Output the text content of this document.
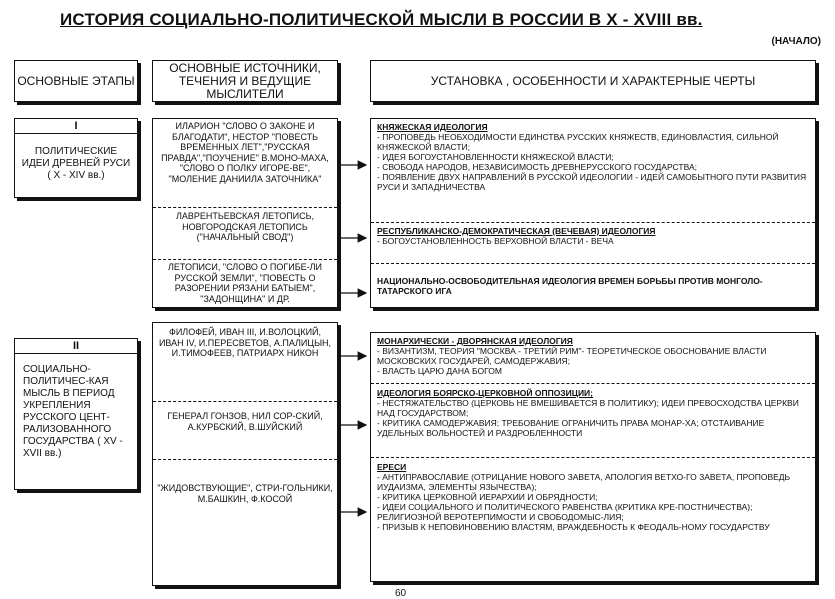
ИСТОРИЯ СОЦИАЛЬНО-ПОЛИТИЧЕСКОЙ МЫСЛИ В РОССИИ В X - XVIII вв.
(НАЧАЛО)
ОСНОВНЫЕ ЭТАПЫ
ОСНОВНЫЕ ИСТОЧНИКИ, ТЕЧЕНИЯ И ВЕДУЩИЕ МЫСЛИТЕЛИ
УСТАНОВКА , ОСОБЕННОСТИ И ХАРАКТЕРНЫЕ ЧЕРТЫ
I
ПОЛИТИЧЕСКИЕ ИДЕИ ДРЕВНЕЙ РУСИ ( X - XIV вв.)
II
СОЦИАЛЬНО-ПОЛИТИЧЕС-КАЯ МЫСЛЬ В ПЕРИОД УКРЕПЛЕНИЯ РУССКОГО ЦЕНТ-РАЛИЗОВАННОГО ГОСУДАРСТВА ( XV - XVII вв.)
ИЛАРИОН "СЛОВО О ЗАКОНЕ И БЛАГОДАТИ", НЕСТОР "ПОВЕСТЬ ВРЕМЕННЫХ ЛЕТ","РУССКАЯ ПРАВДА","ПОУЧЕНИЕ" В.МОНО-МАХА, "СЛОВО О ПОЛКУ ИГОРЕ-ВЕ", "МОЛЕНИЕ ДАНИИЛА ЗАТОЧНИКА"
ЛАВРЕНТЬЕВСКАЯ ЛЕТОПИСЬ, НОВГОРОДСКАЯ ЛЕТОПИСЬ ("НАЧАЛЬНЫЙ СВОД")
ЛЕТОПИСИ, "СЛОВО О ПОГИБЕ-ЛИ РУССКОЙ ЗЕМЛИ", "ПОВЕСТЬ О РАЗОРЕНИИ РЯЗАНИ БАТЫЕМ", "ЗАДОНЩИНА" И ДР.
ФИЛОФЕЙ, ИВАН III, И.ВОЛОЦКИЙ, ИВАН IV, И.ПЕРЕСВЕТОВ, А.ПАЛИЦЫН, И.ТИМОФЕЕВ, ПАТРИАРХ НИКОН
ГЕНЕРАЛ ГОНЗОВ, НИЛ СОР-СКИЙ, А.КУРБСКИЙ, В.ШУЙСКИЙ
"ЖИДОВСТВУЮЩИЕ", СТРИ-ГОЛЬНИКИ, М.БАШКИН, Ф.КОСОЙ
КНЯЖЕСКАЯ ИДЕОЛОГИЯ
- ПРОПОВЕДЬ НЕОБХОДИМОСТИ ЕДИНСТВА РУССКИХ КНЯЖЕСТВ, ЕДИНОВЛАСТИЯ, СИЛЬНОЙ КНЯЖЕСКОЙ ВЛАСТИ;
- ИДЕЯ БОГОУСТАНОВЛЕННОСТИ КНЯЖЕСКОЙ ВЛАСТИ;
- СВОБОДА НАРОДОВ, НЕЗАВИСИМОСТЬ ДРЕВНЕРУССКОГО ГОСУДАРСТВА;
- ПОЯВЛЕНИЕ ДВУХ НАПРАВЛЕНИЙ В РУССКОЙ ИДЕОЛОГИИ - ИДЕЙ САМОБЫТНОГО ПУТИ РАЗВИТИЯ РУСИ И ЗАПАДНИЧЕСТВА
РЕСПУБЛИКАНСКО-ДЕМОКРАТИЧЕСКАЯ (ВЕЧЕВАЯ) ИДЕОЛОГИЯ
- БОГОУСТАНОВЛЕННОСТЬ ВЕРХОВНОЙ ВЛАСТИ - ВЕЧА
НАЦИОНАЛЬНО-ОСВОБОДИТЕЛЬНАЯ ИДЕОЛОГИЯ ВРЕМЕН БОРЬБЫ ПРОТИВ МОНГОЛО-ТАТАРСКОГО ИГА
МОНАРХИЧЕСКИ - ДВОРЯНСКАЯ ИДЕОЛОГИЯ
- ВИЗАНТИЗМ, ТЕОРИЯ "МОСКВА - ТРЕТИЙ РИМ"- ТЕОРЕТИЧЕСКОЕ ОБОСНОВАНИЕ ВЛАСТИ МОСКОВСКИХ ГОСУДАРЕЙ, САМОДЕРЖАВИЯ;
- ВЛАСТЬ ЦАРЮ ДАНА БОГОМ
ИДЕОЛОГИЯ БОЯРСКО-ЦЕРКОВНОЙ ОППОЗИЦИИ;
- НЕСТЯЖАТЕЛЬСТВО (ЦЕРКОВЬ НЕ ВМЕШИВАЕТСЯ В ПОЛИТИКУ); ИДЕИ ПРЕВОСХОДСТВА ЦЕРКВИ НАД ГОСУДАРСТВОМ;
- КРИТИКА САМОДЕРЖАВИЯ; ТРЕБОВАНИЕ ОГРАНИЧИТЬ ПРАВА МОНАР-ХА; ОТСТАИВАНИЕ УДЕЛЬНЫХ ВОЛЬНОСТЕЙ И РАЗДРОБЛЕННОСТИ
ЕРЕСИ
- АНТИПРАВОСЛАВИЕ (ОТРИЦАНИЕ НОВОГО ЗАВЕТА, АПОЛОГИЯ ВЕТХО-ГО ЗАВЕТА, ПРОПОВЕДЬ ИУДАИЗМА, ЭЛЕМЕНТЫ ЯЗЫЧЕСТВА);
- КРИТИКА ЦЕРКОВНОЙ ИЕРАРХИИ И ОБРЯДНОСТИ;
- ИДЕИ СОЦИАЛЬНОГО И ПОЛИТИЧЕСКОГО РАВЕНСТВА (КРИТИКА КРЕ-ПОСТНИЧЕСТВА); РЕЛИГИОЗНОЙ ВЕРОТЕРПИМОСТИ И СВОБОДОМЫС-ЛИЯ;
- ПРИЗЫВ К НЕПОВИНОВЕНИЮ ВЛАСТЯМ, ВРАЖДЕБНОСТЬ К ФЕОДАЛЬ-НОМУ ГОСУДАРСТВУ
60
